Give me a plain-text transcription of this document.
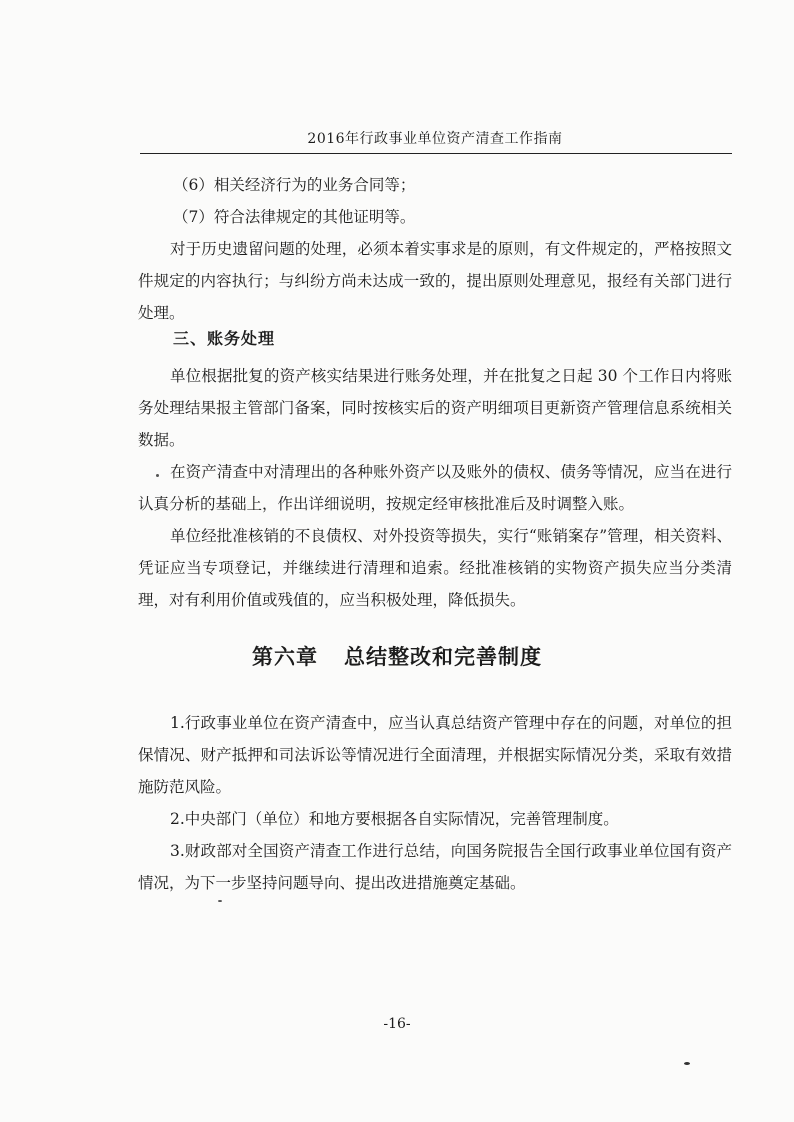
2016年行政事业单位资产清查工作指南

（6）相关经济行为的业务合同等；

（7）符合法律规定的其他证明等。

对于历史遗留问题的处理，必须本着实事求是的原则，有文件规定的，严格按照文件规定的内容执行；与纠纷方尚未达成一致的，提出原则处理意见，报经有关部门进行处理。

三、账务处理

单位根据批复的资产核实结果进行账务处理，并在批复之日起 30 个工作日内将账务处理结果报主管部门备案，同时按核实后的资产明细项目更新资产管理信息系统相关数据。

在资产清查中对清理出的各种账外资产以及账外的债权、债务等情况，应当在进行认真分析的基础上，作出详细说明，按规定经审核批准后及时调整入账。

单位经批准核销的不良债权、对外投资等损失，实行“账销案存”管理，相关资料、凭证应当专项登记，并继续进行清理和追索。经批准核销的实物资产损失应当分类清理，对有利用价值或残值的，应当积极处理，降低损失。

第六章 总结整改和完善制度

1.行政事业单位在资产清查中，应当认真总结资产管理中存在的问题，对单位的担保情况、财产抵押和司法诉讼等情况进行全面清理，并根据实际情况分类，采取有效措施防范风险。

2.中央部门（单位）和地方要根据各自实际情况，完善管理制度。

3.财政部对全国资产清查工作进行总结，向国务院报告全国行政事业单位国有资产情况，为下一步坚持问题导向、提出改进措施奠定基础。

-16-
